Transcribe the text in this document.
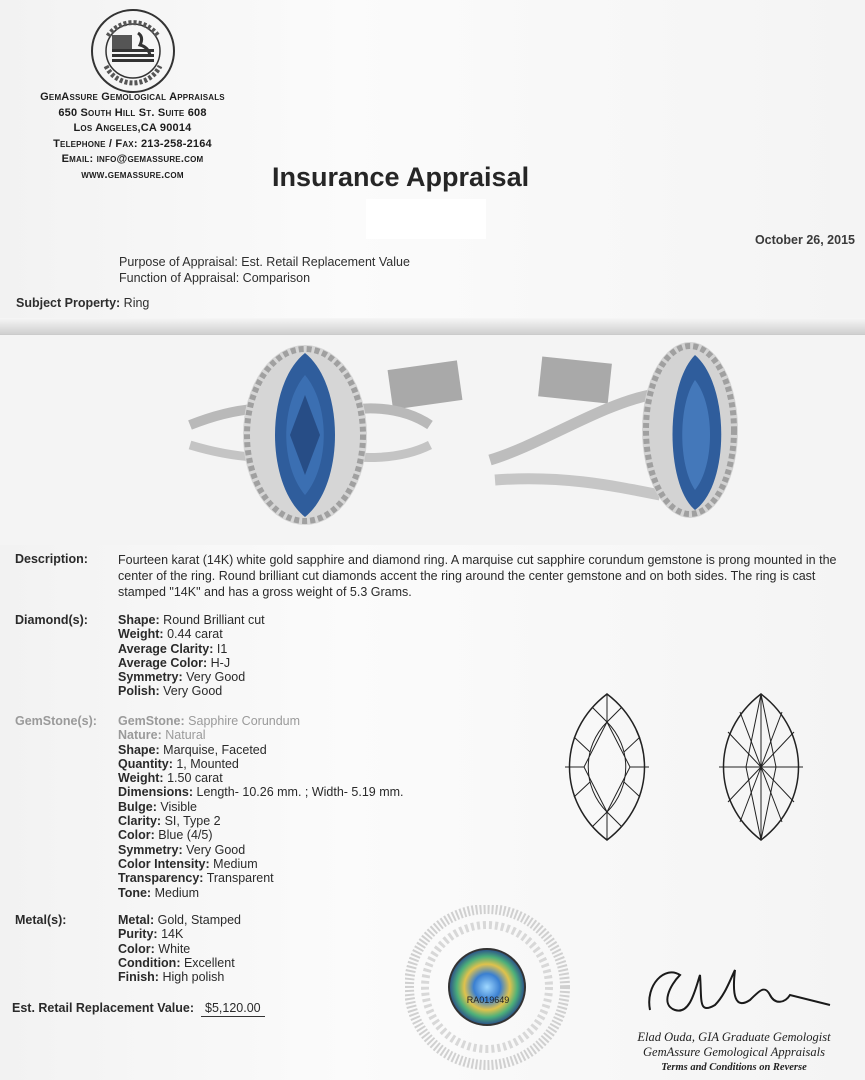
GemAssure Gemological Appraisals
650 South Hill St. Suite 608
Los Angeles,CA 90014
Telephone / Fax: 213-258-2164
Email: info@gemassure.com
www.gemassure.com	Insurance Appraisal
October 26, 2015
Purpose of Appraisal: Est. Retail Replacement Value
Function of Appraisal: Comparison
Subject Property: Ring
Description: Fourteen karat (14K) white gold sapphire and diamond ring. A marquise cut sapphire corundum gemstone is prong mounted in the center of the ring. Round brilliant cut diamonds accent the ring around the center gemstone and on both sides. The ring is cast stamped "14K" and has a gross weight of 5.3 Grams.
Diamond(s): Shape: Round Brilliant cut
Weight: 0.44 carat
Average Clarity: I1
Average Color: H-J
Symmetry: Very Good
Polish: Very Good
GemStone(s): GemStone: Sapphire Corundum
Nature: Natural
Shape: Marquise, Faceted
Quantity: 1, Mounted
Weight: 1.50 carat
Dimensions: Length- 10.26 mm. ; Width- 5.19 mm.
Bulge: Visible
Clarity: SI, Type 2
Color: Blue (4/5)
Symmetry: Very Good
Color Intensity: Medium
Transparency: Transparent
Tone: Medium
Metal(s):	Metal: Gold, Stamped
Purity: 14K
Color: White
Condition: Excellent
Finish: High polish
Est. Retail Replacement Value: $5,120.00
RA019649
Elad Ouda, GIA Graduate Gemologist
GemAssure Gemological Appraisals
Terms and Conditions on Reverse
